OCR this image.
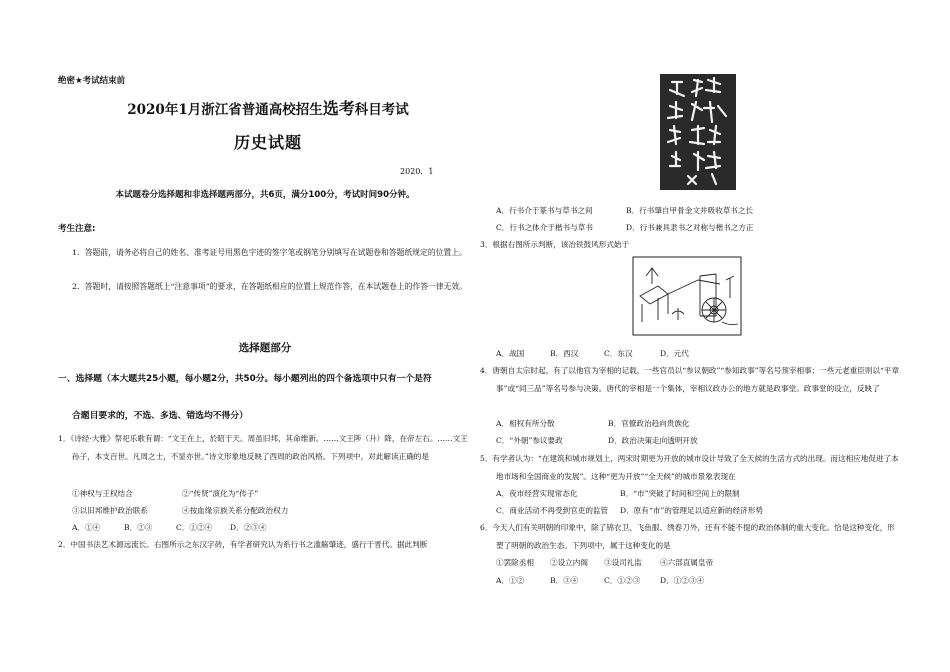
绝密★考试结束前
2020年1月浙江省普通高校招生选考科目考试
历史试题
2020．1
本试题卷分选择题和非选择题两部分，共6页，满分100分，考试时间90分钟。
考生注意:
1．答题前，请务必将自己的姓名、准考证号用黑色字迹的签字笔或钢笔分别填写在试题卷和答题纸规定的位置上。
2．答题时，请按照答题纸上“注意事项”的要求，在答题纸相应的位置上规范作答，在本试题卷上的作答一律无效。
选择题部分
一、选择题（本大题共25小题，每小题2分，共50分。每小题列出的四个备选项中只有一个是符
合题目要求的，不选、多选、错选均不得分）
1．《诗经·大雅》祭祀乐歌有谓：“文王在上，於昭于天。周虽旧邦，其命维新。……文王陟（升）降，在帝左右。……文王孙子，本支百世。凡周之士，不显亦世。”诗文形象地反映了西周的政治风格。下列项中，对此解读正确的是
①神权与王权结合	②“传贤”演化为“传子”
③以旧邦维护政治联系	④按血缘宗族关系分配政治权力
A．①④	B．②③	C．①②④ D．②③④
2．中国书法艺术源远流长。右图所示之东汉字砖，有学者研究认为系行书之滥觞肇迹，盛行于晋代。据此判断
A．行书介于篆书与草书之间	B．行书肇自甲骨金文并吸收草书之长
C．行书之体介于楷书与草书	D．行书兼具隶书之对称与楷书之方正
3．根据右图所示判断，该冶铁鼓风形式始于
A．战国	B．西汉	C．东汉	D．元代
4．唐朝自太宗时起，有了以他官为宰相的记载，一些官员以“参议朝政”“参知政事”等名号预宰相事；一些元老重臣则以“平章事”或“同三品”等名号参与决策。唐代的宰相是一个集体，宰相议政办公的地方就是政事堂。政事堂的设立，反映了
A．相权有所分散	B．官僚政治趋向贵族化
C．“外朝”参议要政	D．政治决策走向透明开放
5．有学者认为：“在建筑和城市规划上，两宋时期更为开放的城市设计导致了全天候的生活方式的出现。而这相应地促进了本地市场和全国商业的发展”。这种“更为开放”“全天候”的城市景象表现在
A．夜市经营实现常态化	B．“市”突破了时间和空间上的限制
C．商业活动不再受到官吏的监管 D．原有“市”的管理足以适应新的经济形势
6．今天人们有关明朝的印象中，除了锦衣卫、飞鱼服、绣春刀外，还有不能不提的政治体制的重大变化。恰是这种变化，形塑了明朝的政治生态。下列项中，属于这种变化的是
①罢除丞相 ②设立内阁 ③设司礼监 ④六部直属皇帝
A．①②	B．③④	C．①②③	D．①②③④
